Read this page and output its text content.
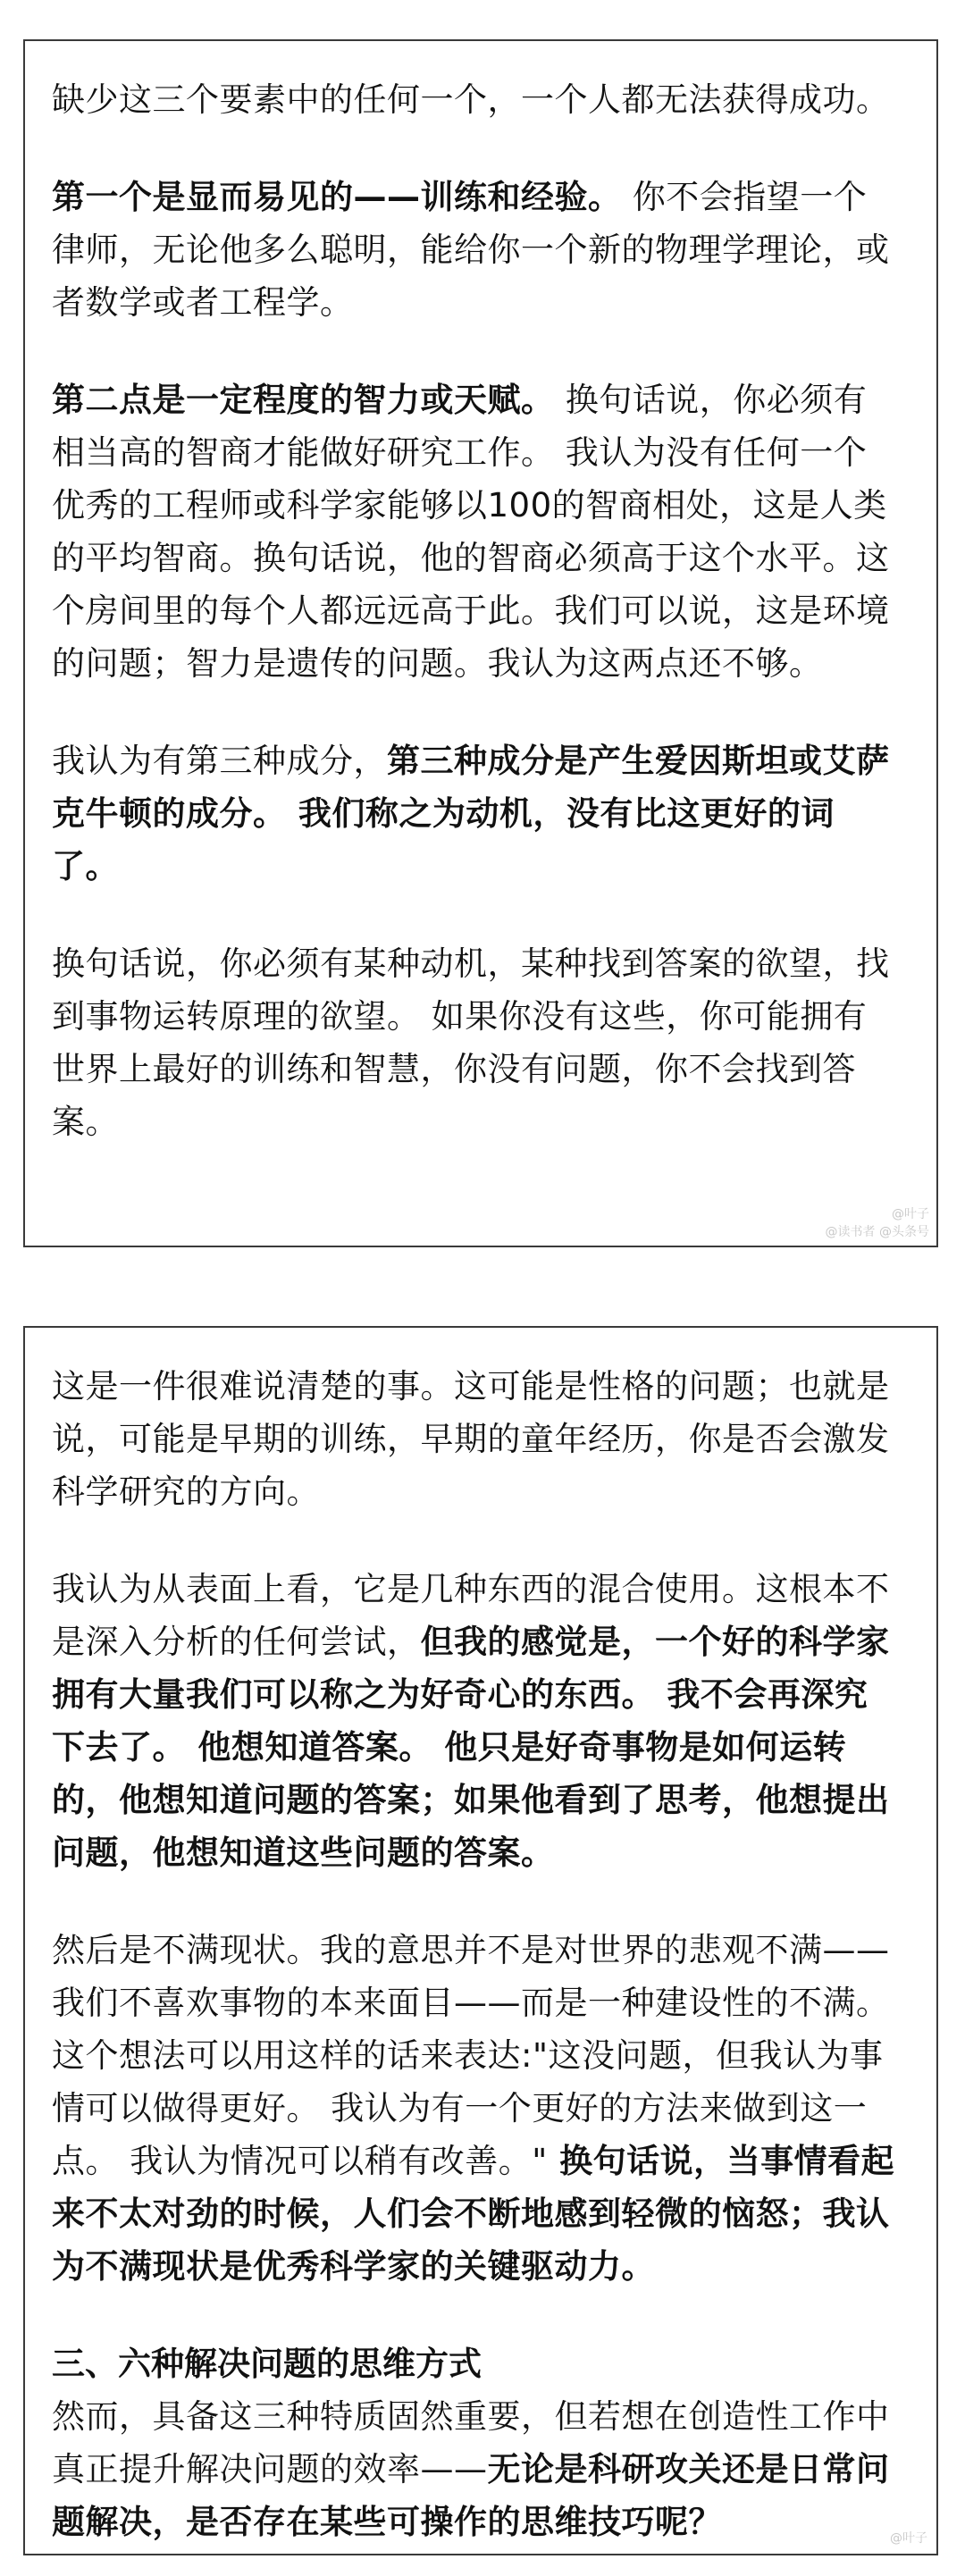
缺少这三个要素中的任何一个，一个人都无法获得成功。

第一个是显而易见的——训练和经验。 你不会指望一个律师，无论他多么聪明，能给你一个新的物理学理论，或者数学或者工程学。

第二点是一定程度的智力或天赋。 换句话说，你必须有相当高的智商才能做好研究工作。 我认为没有任何一个优秀的工程师或科学家能够以100的智商相处，这是人类的平均智商。换句话说，他的智商必须高于这个水平。这个房间里的每个人都远远高于此。我们可以说，这是环境的问题；智力是遗传的问题。我认为这两点还不够。

我认为有第三种成分，第三种成分是产生爱因斯坦或艾萨克牛顿的成分。 我们称之为动机，没有比这更好的词了。

换句话说，你必须有某种动机，某种找到答案的欲望，找到事物运转原理的欲望。 如果你没有这些，你可能拥有世界上最好的训练和智慧，你没有问题，你不会找到答案。

@叶子
@读书者 @头条号

这是一件很难说清楚的事。这可能是性格的问题；也就是说，可能是早期的训练，早期的童年经历，你是否会激发科学研究的方向。

我认为从表面上看，它是几种东西的混合使用。这根本不是深入分析的任何尝试，但我的感觉是，一个好的科学家拥有大量我们可以称之为好奇心的东西。 我不会再深究下去了。 他想知道答案。 他只是好奇事物是如何运转的，他想知道问题的答案；如果他看到了思考，他想提出问题，他想知道这些问题的答案。

然后是不满现状。我的意思并不是对世界的悲观不满——我们不喜欢事物的本来面目——而是一种建设性的不满。这个想法可以用这样的话来表达:"这没问题，但我认为事情可以做得更好。 我认为有一个更好的方法来做到这一点。 我认为情况可以稍有改善。" 换句话说，当事情看起来不太对劲的时候，人们会不断地感到轻微的恼怒；我认为不满现状是优秀科学家的关键驱动力。

三、六种解决问题的思维方式

然而，具备这三种特质固然重要，但若想在创造性工作中真正提升解决问题的效率——无论是科研攻关还是日常问题解决，是否存在某些可操作的思维技巧呢？	@叶子
